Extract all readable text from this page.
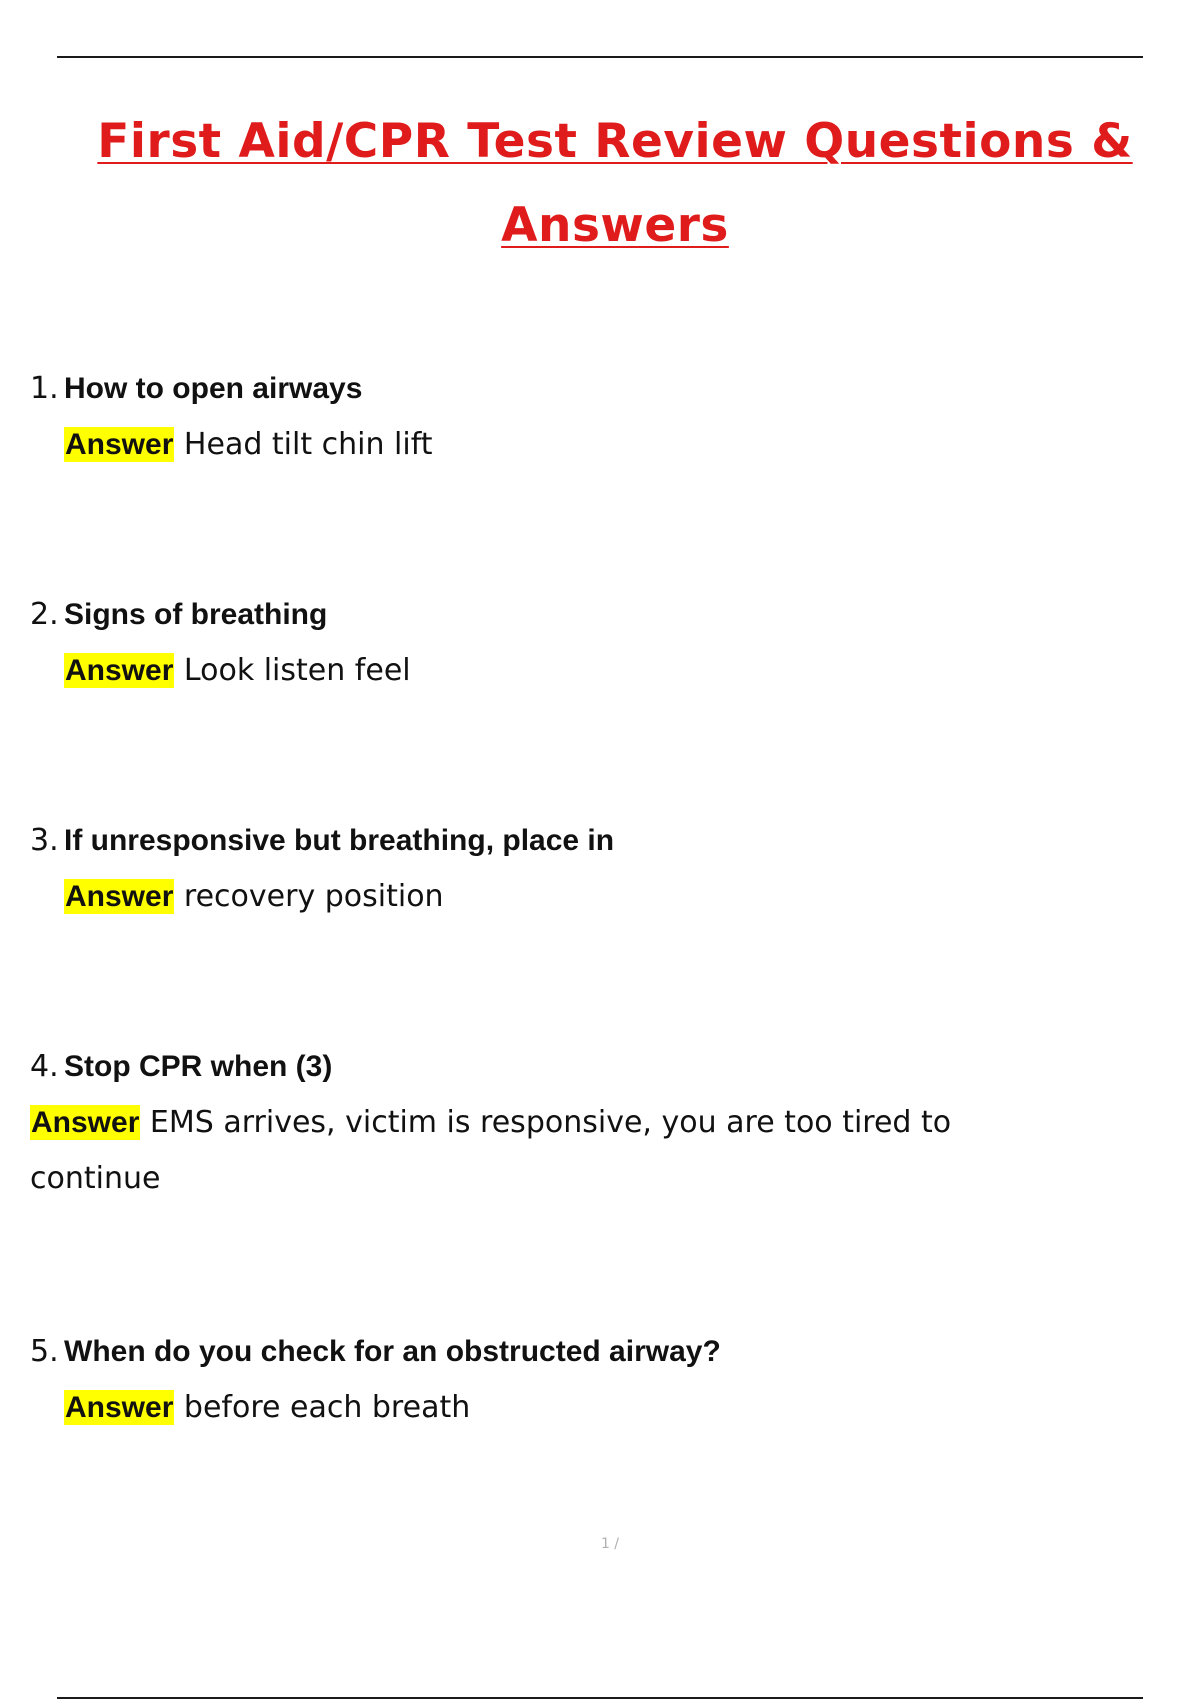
First Aid/CPR Test Review Questions & Answers
1. How to open airways
Answer Head tilt chin lift
2. Signs of breathing
Answer Look listen feel
3. If unresponsive but breathing, place in
Answer recovery position
4. Stop CPR when (3)
Answer EMS arrives, victim is responsive, you are too tired to continue
5. When do you check for an obstructed airway?
Answer before each breath
1 /
